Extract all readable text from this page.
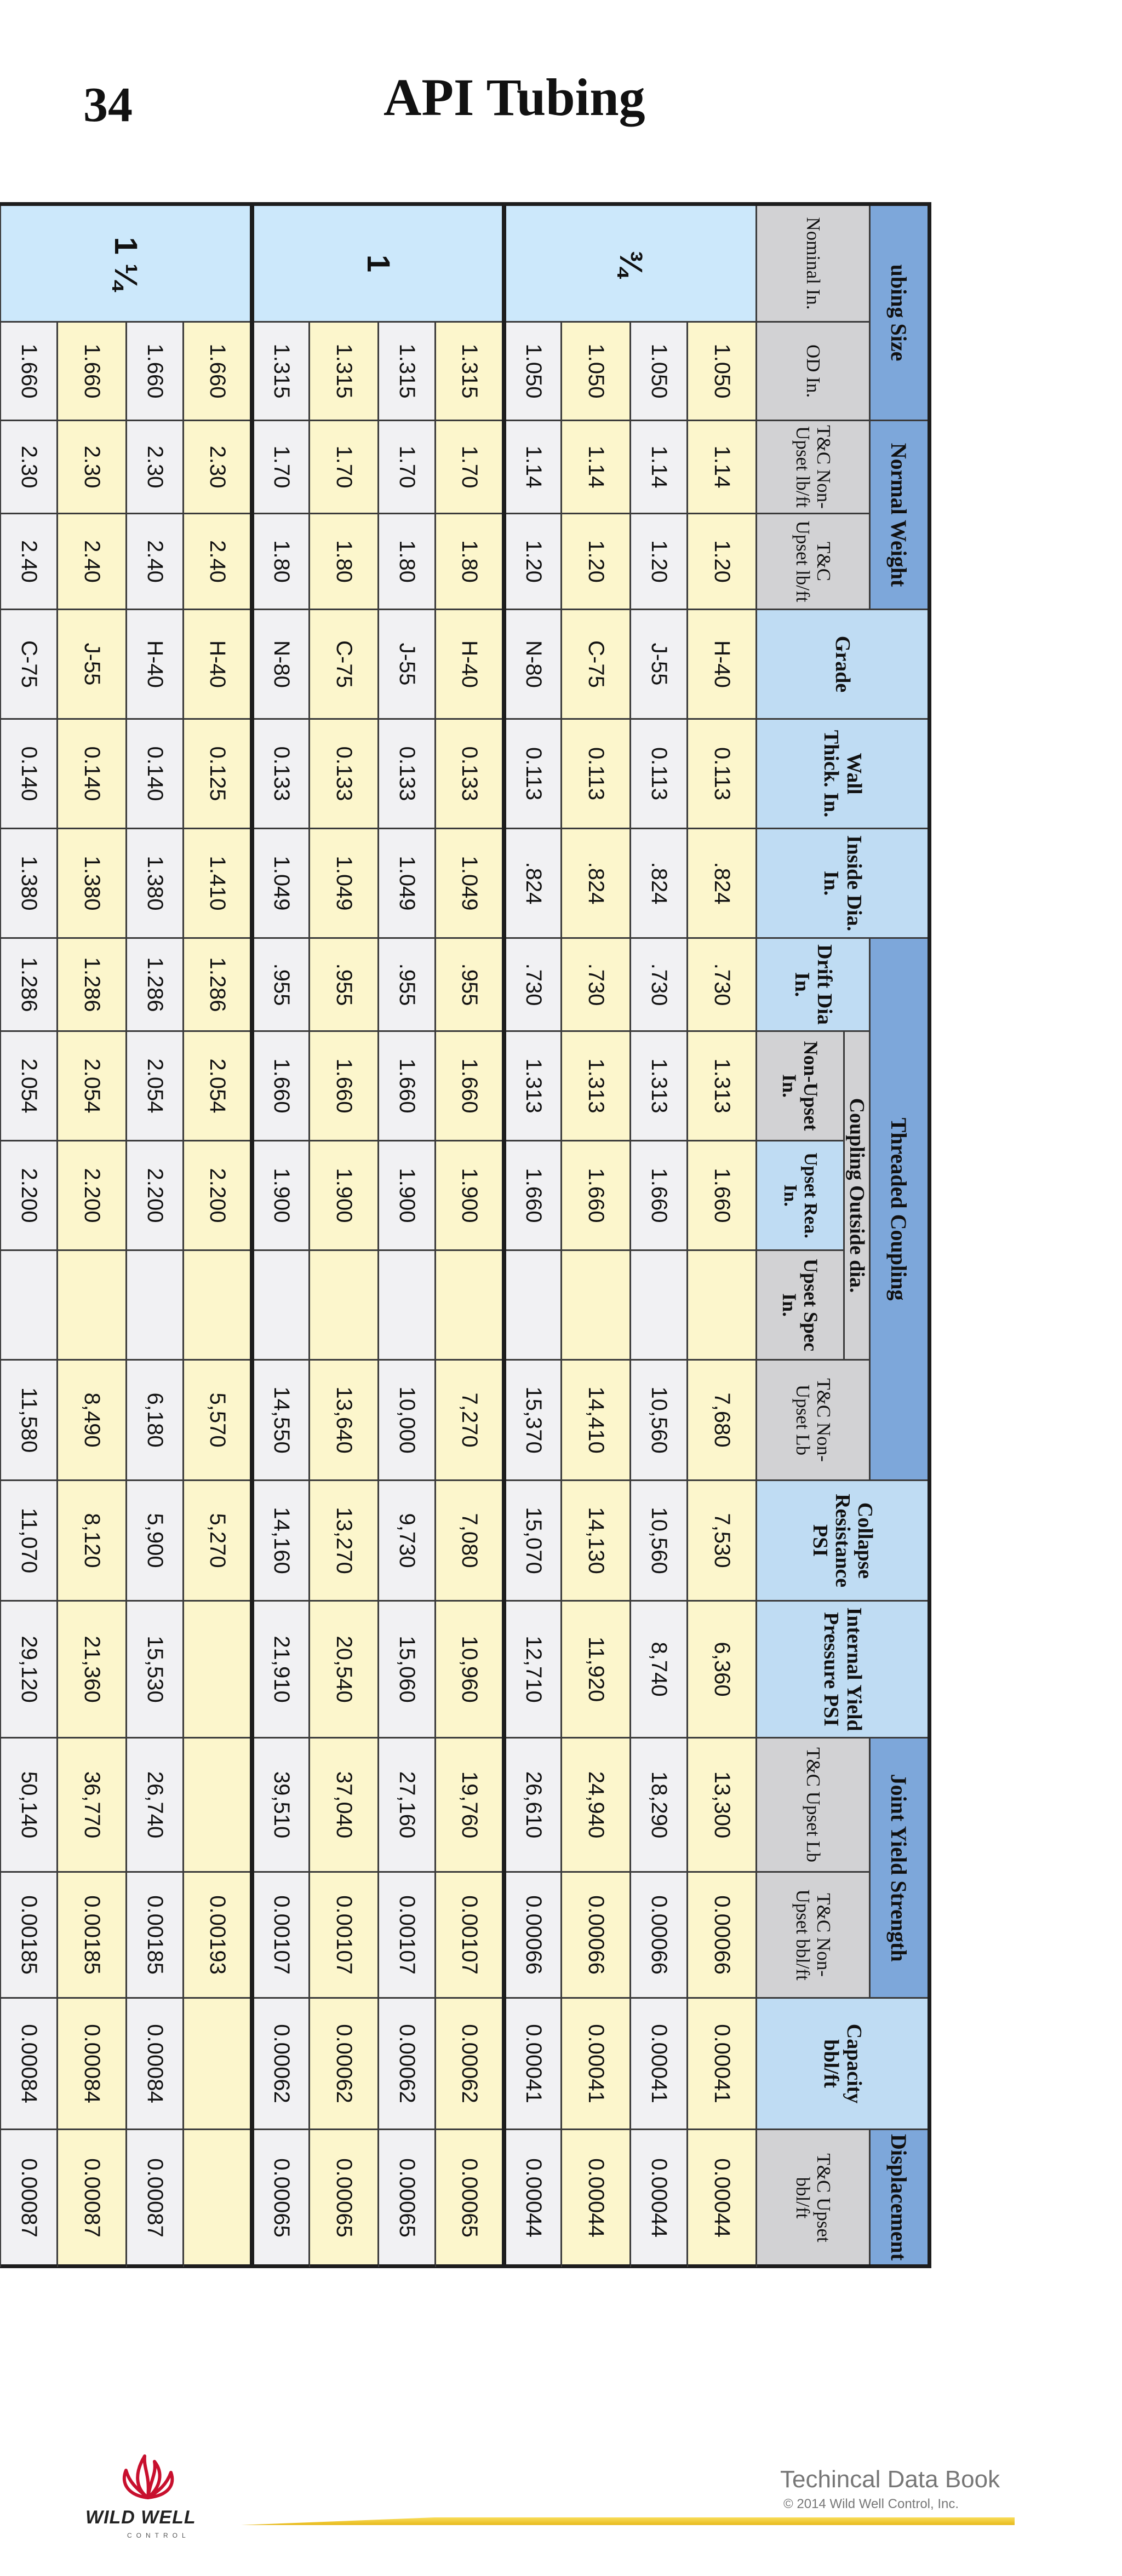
34	API Tubing
ubing Size		Normal Weight		Grade	Wall Thick. In.	Inside Dia. In.	Threaded Coupling					Collapse Resistance PSI	Internal Yield Pressure PSI	Joint Yield Strength		Capacity bbl/ft	Displacement
Nominal In.	OD In.	T&C Non-Upset lb/ft	T&C Upset lb/ft				Drift Dia In.	Coupling Outside dia.			T&C Non-Upset Lb			T&C Upset Lb	T&C Non-Upset bbl/ft		T&C Upset bbl/ft
								Non-Upset In.	Upset Rea. In.	Upset Spec In.							
¾	1.050	1.14	1.20	H-40	0.113	.824	.730	1.313	1.660		7,680	7,530	6,360	13,300	0.00066	0.00041	0.00044
	1.050	1.14	1.20	J-55	0.113	.824	.730	1.313	1.660		10,560	10,560	8,740	18,290	0.00066	0.00041	0.00044
	1.050	1.14	1.20	C-75	0.113	.824	.730	1.313	1.660		14,410	14,130	11,920	24,940	0.00066	0.00041	0.00044
	1.050	1.14	1.20	N-80	0.113	.824	.730	1.313	1.660		15,370	15,070	12,710	26,610	0.00066	0.00041	0.00044
1	1.315	1.70	1.80	H-40	0.133	1.049	.955	1.660	1.900		7,270	7,080	10,960	19,760	0.00107	0.00062	0.00065
	1.315	1.70	1.80	J-55	0.133	1.049	.955	1.660	1.900		10,000	9,730	15,060	27,160	0.00107	0.00062	0.00065
	1.315	1.70	1.80	C-75	0.133	1.049	.955	1.660	1.900		13,640	13,270	20,540	37,040	0.00107	0.00062	0.00065
	1.315	1.70	1.80	N-80	0.133	1.049	.955	1.660	1.900		14,550	14,160	21,910	39,510	0.00107	0.00062	0.00065
1 ¼	1.660	2.30	2.40	H-40	0.125	1.410	1.286	2.054	2.200		5,570	5,270			0.00193		
	1.660	2.30	2.40	H-40	0.140	1.380	1.286	2.054	2.200		6,180	5,900	15,530	26,740	0.00185	0.00084	0.00087
	1.660	2.30	2.40	J-55	0.140	1.380	1.286	2.054	2.200		8,490	8,120	21,360	36,770	0.00185	0.00084	0.00087
	1.660	2.30	2.40	C-75	0.140	1.380	1.286	2.054	2.200		11,580	11,070	29,120	50,140	0.00185	0.00084	0.00087

WILD WELL
CONTROL
Techincal Data Book
© 2014 Wild Well Control, Inc.
